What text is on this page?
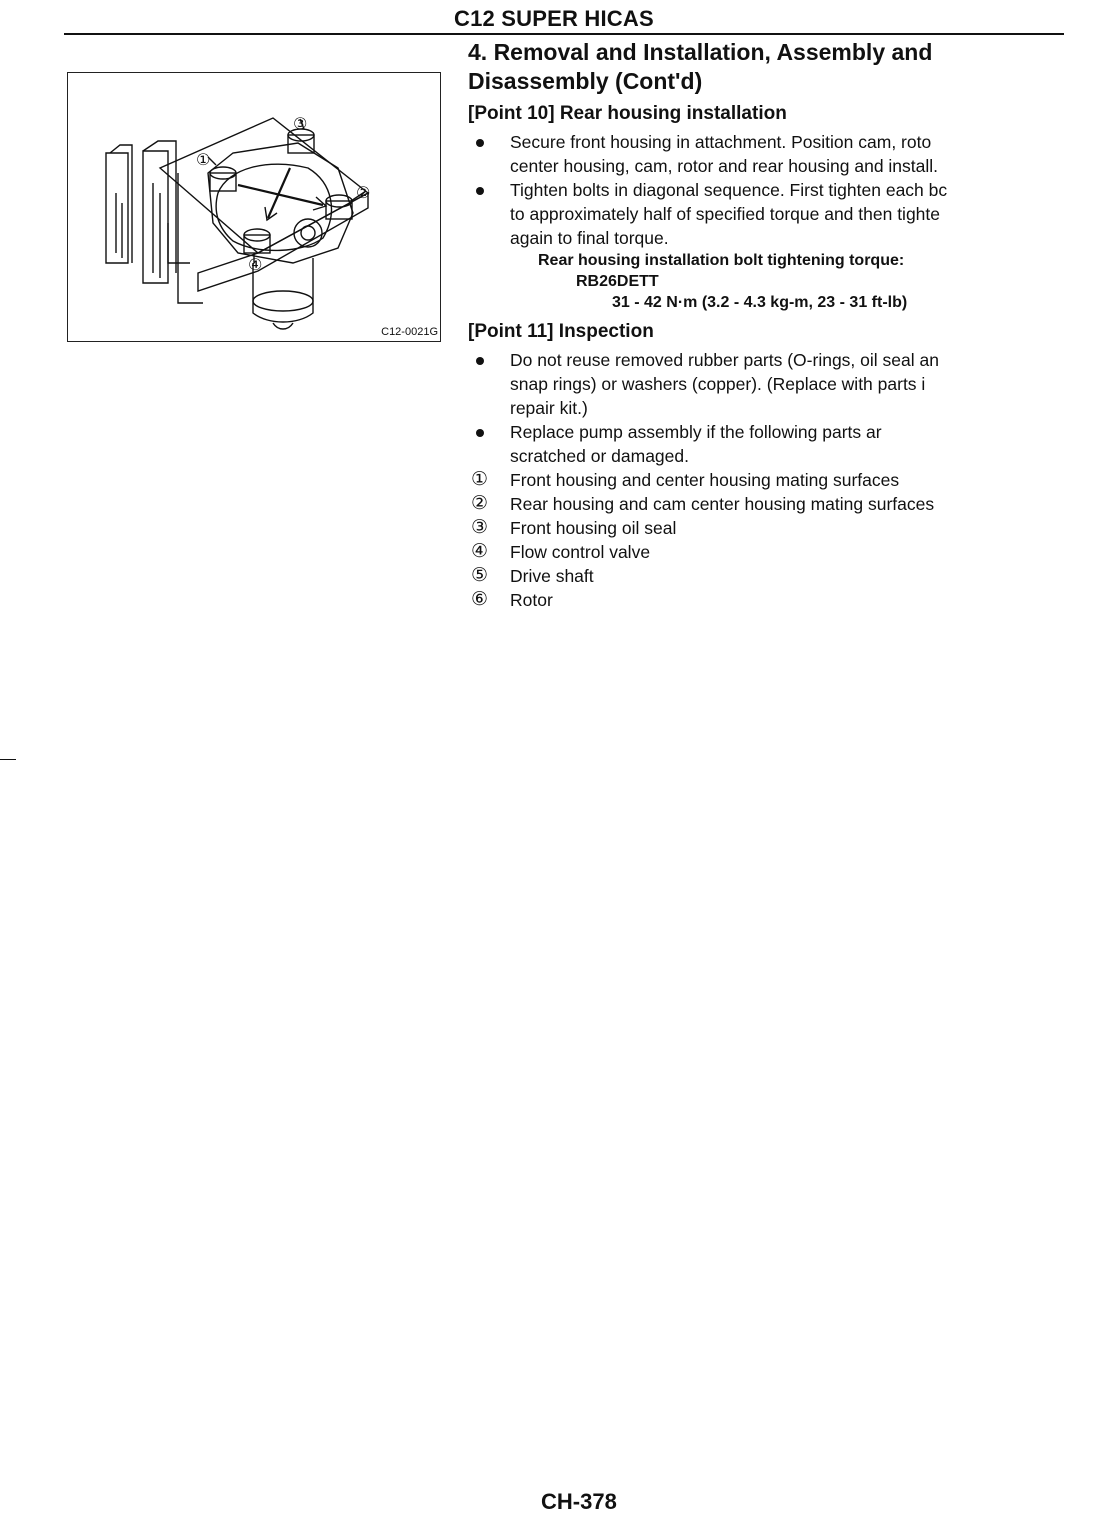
C12 SUPER HICAS
①
②
③
④
C12-0021G
4. Removal and Installation, Assembly and
Disassembly (Cont'd)
[Point 10] Rear housing installation
Secure front housing in attachment. Position cam, roto
center housing, cam, rotor and rear housing and install.
Tighten bolts in diagonal sequence. First tighten each bc
to approximately half of specified torque and then tighte
again to final torque.
Rear housing installation bolt tightening torque:
RB26DETT
31 - 42 N·m (3.2 - 4.3 kg-m, 23 - 31 ft-lb)
[Point 11] Inspection
Do not reuse removed rubber parts (O-rings, oil seal an
snap rings) or washers (copper). (Replace with parts i
repair kit.)
Replace pump assembly if the following parts ar
scratched or damaged.
① Front housing and center housing mating surfaces
② Rear housing and cam center housing mating surfaces
③ Front housing oil seal
④ Flow control valve
⑤ Drive shaft
⑥ Rotor
CH-378
